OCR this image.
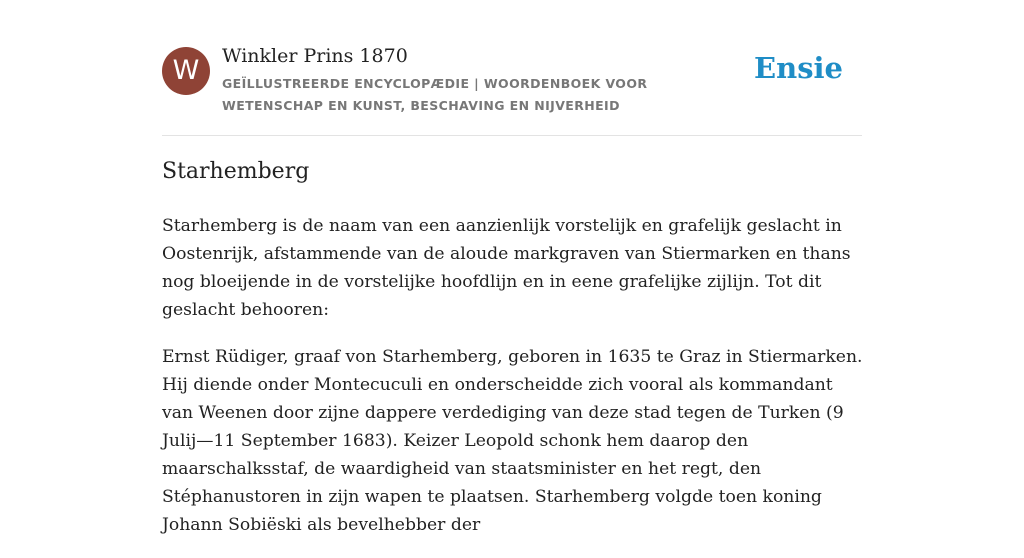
W	Winkler Prins 1870
GEÏLLUSTREERDE ENCYCLOPÆDIE | WOORDENBOEK VOOR WETENSCHAP EN KUNST, BESCHAVING EN NIJVERHEID
Ensie
Starhemberg

Starhemberg is de naam van een aanzienlijk vorstelijk en grafelijk geslacht in Oostenrijk, afstammende van de aloude markgraven van Stiermarken en thans nog bloeijende in de vorstelijke hoofdlijn en in eene grafelijke zijlijn. Tot dit geslacht behooren:

Ernst Rüdiger, graaf von Starhemberg, geboren in 1635 te Graz in Stiermarken. Hij diende onder Montecuculi en onderscheidde zich vooral als kommandant van Weenen door zijne dappere verdediging van deze stad tegen de Turken (9 Julij—11 September 1683). Keizer Leopold schonk hem daarop den maarschalksstaf, de waardigheid van staatsminister en het regt, den Stéphanustoren in zijn wapen te plaatsen. Starhemberg volgde toen koning Johann Sobiëski als bevelhebber der
